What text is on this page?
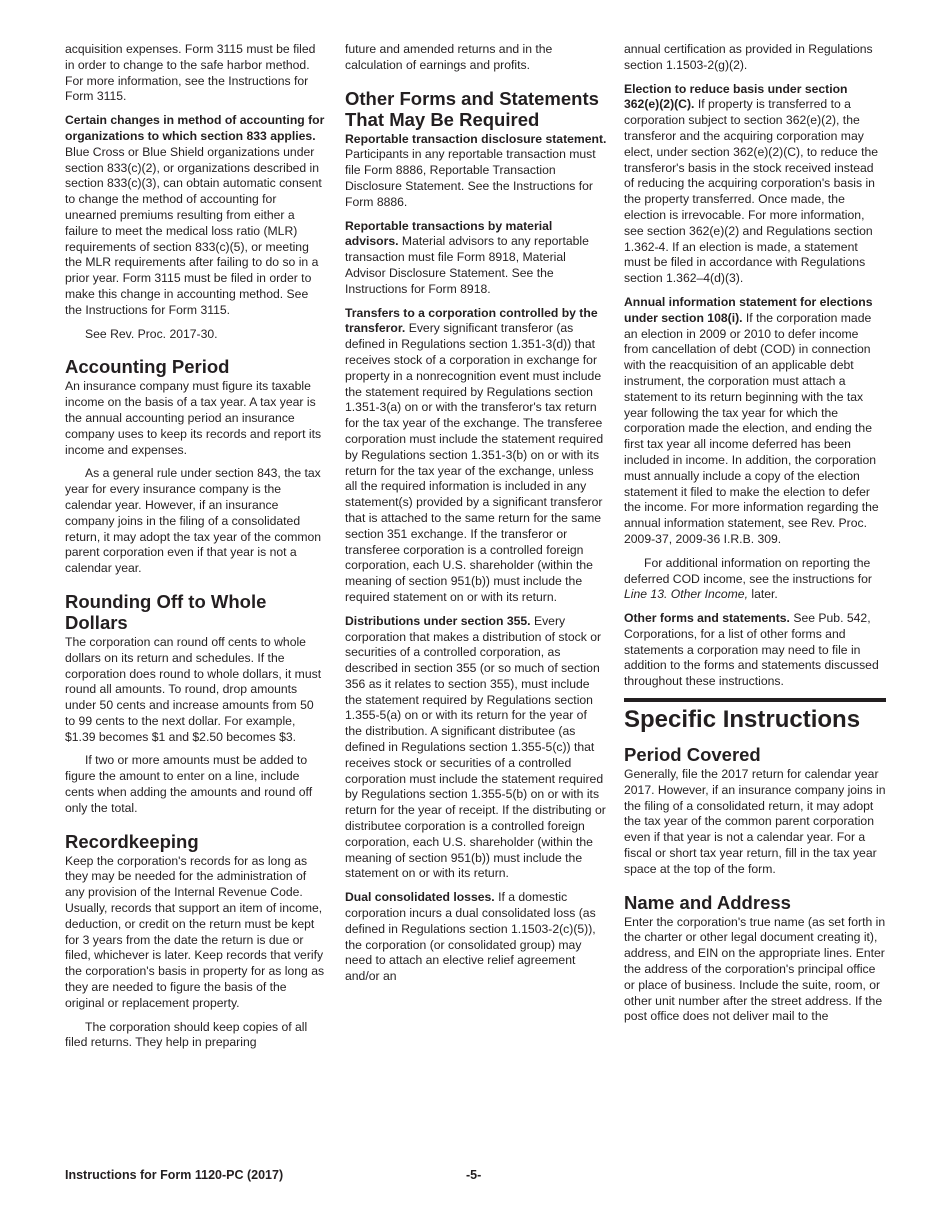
acquisition expenses. Form 3115 must be filed in order to change to the safe harbor method. For more information, see the Instructions for Form 3115.

Certain changes in method of accounting for organizations to which section 833 applies. Blue Cross or Blue Shield organizations under section 833(c)(2), or organizations described in section 833(c)(3), can obtain automatic consent to change the method of accounting for unearned premiums resulting from either a failure to meet the medical loss ratio (MLR) requirements of section 833(c)(5), or meeting the MLR requirements after failing to do so in a prior year. Form 3115 must be filed in order to make this change in accounting method. See the Instructions for Form 3115.

See Rev. Proc. 2017-30.

Accounting Period

An insurance company must figure its taxable income on the basis of a tax year. A tax year is the annual accounting period an insurance company uses to keep its records and report its income and expenses.

As a general rule under section 843, the tax year for every insurance company is the calendar year. However, if an insurance company joins in the filing of a consolidated return, it may adopt the tax year of the common parent corporation even if that year is not a calendar year.

Rounding Off to Whole Dollars

The corporation can round off cents to whole dollars on its return and schedules. If the corporation does round to whole dollars, it must round all amounts. To round, drop amounts under 50 cents and increase amounts from 50 to 99 cents to the next dollar. For example, $1.39 becomes $1 and $2.50 becomes $3.

If two or more amounts must be added to figure the amount to enter on a line, include cents when adding the amounts and round off only the total.

Recordkeeping

Keep the corporation's records for as long as they may be needed for the administration of any provision of the Internal Revenue Code. Usually, records that support an item of income, deduction, or credit on the return must be kept for 3 years from the date the return is due or filed, whichever is later. Keep records that verify the corporation's basis in property for as long as they are needed to figure the basis of the original or replacement property.

The corporation should keep copies of all filed returns. They help in preparing

future and amended returns and in the calculation of earnings and profits.

Other Forms and Statements That May Be Required

Reportable transaction disclosure statement. Participants in any reportable transaction must file Form 8886, Reportable Transaction Disclosure Statement. See the Instructions for Form 8886.

Reportable transactions by material advisors. Material advisors to any reportable transaction must file Form 8918, Material Advisor Disclosure Statement. See the Instructions for Form 8918.

Transfers to a corporation controlled by the transferor. Every significant transferor (as defined in Regulations section 1.351-3(d)) that receives stock of a corporation in exchange for property in a nonrecognition event must include the statement required by Regulations section 1.351-3(a) on or with the transferor's tax return for the tax year of the exchange. The transferee corporation must include the statement required by Regulations section 1.351-3(b) on or with its return for the tax year of the exchange, unless all the required information is included in any statement(s) provided by a significant transferor that is attached to the same return for the same section 351 exchange. If the transferor or transferee corporation is a controlled foreign corporation, each U.S. shareholder (within the meaning of section 951(b)) must include the required statement on or with its return.

Distributions under section 355. Every corporation that makes a distribution of stock or securities of a controlled corporation, as described in section 355 (or so much of section 356 as it relates to section 355), must include the statement required by Regulations section 1.355-5(a) on or with its return for the year of the distribution. A significant distributee (as defined in Regulations section 1.355-5(c)) that receives stock or securities of a controlled corporation must include the statement required by Regulations section 1.355-5(b) on or with its return for the year of receipt. If the distributing or distributee corporation is a controlled foreign corporation, each U.S. shareholder (within the meaning of section 951(b)) must include the statement on or with its return.

Dual consolidated losses. If a domestic corporation incurs a dual consolidated loss (as defined in Regulations section 1.1503-2(c)(5)), the corporation (or consolidated group) may need to attach an elective relief agreement and/or an

annual certification as provided in Regulations section 1.1503-2(g)(2).

Election to reduce basis under section 362(e)(2)(C). If property is transferred to a corporation subject to section 362(e)(2), the transferor and the acquiring corporation may elect, under section 362(e)(2)(C), to reduce the transferor's basis in the stock received instead of reducing the acquiring corporation's basis in the property transferred. Once made, the election is irrevocable. For more information, see section 362(e)(2) and Regulations section 1.362-4. If an election is made, a statement must be filed in accordance with Regulations section 1.362–4(d)(3).

Annual information statement for elections under section 108(i). If the corporation made an election in 2009 or 2010 to defer income from cancellation of debt (COD) in connection with the reacquisition of an applicable debt instrument, the corporation must attach a statement to its return beginning with the tax year following the tax year for which the corporation made the election, and ending the first tax year all income deferred has been included in income. In addition, the corporation must annually include a copy of the election statement it filed to make the election to defer the income. For more information regarding the annual information statement, see Rev. Proc. 2009-37, 2009-36 I.R.B. 309.

For additional information on reporting the deferred COD income, see the instructions for Line 13. Other Income, later.

Other forms and statements. See Pub. 542, Corporations, for a list of other forms and statements a corporation may need to file in addition to the forms and statements discussed throughout these instructions.

Specific Instructions
Period Covered

Generally, file the 2017 return for calendar year 2017. However, if an insurance company joins in the filing of a consolidated return, it may adopt the tax year of the common parent corporation even if that year is not a calendar year. For a fiscal or short tax year return, fill in the tax year space at the top of the form.

Name and Address

Enter the corporation's true name (as set forth in the charter or other legal document creating it), address, and EIN on the appropriate lines. Enter the address of the corporation's principal office or place of business. Include the suite, room, or other unit number after the street address. If the post office does not deliver mail to the

Instructions for Form 1120-PC (2017)	-5-
